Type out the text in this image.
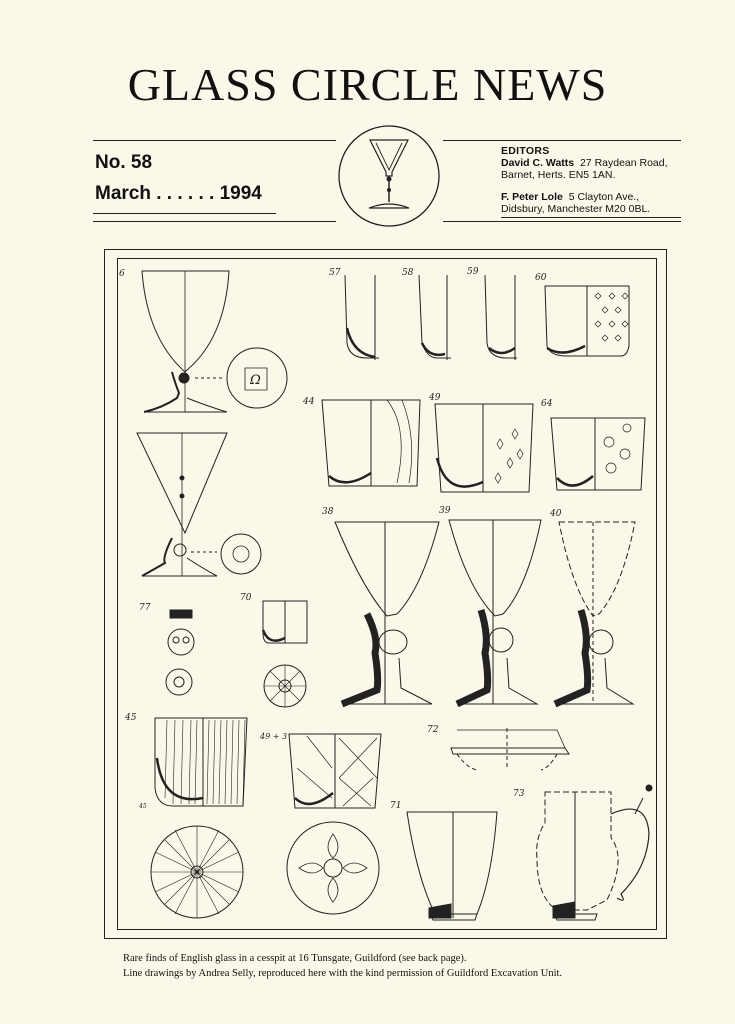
GLASS CIRCLE NEWS
No. 58
March . . . . . . 1994
EDITORS
David C. Watts 27 Raydean Road,
Barnet, Herts. EN5 1AN.
F. Peter Lole 5 Clayton Ave.,
Didsbury, Manchester M20 0BL.
6	57	58	59
60
44	49
64
38	39	40
77
70
45
49 + 3
72
71
73
45
Ω
Rare finds of English glass in a cesspit at 16 Tunsgate, Guildford (see back page).
Line drawings by Andrea Selly, reproduced here with the kind permission of Guildford Excavation Unit.
